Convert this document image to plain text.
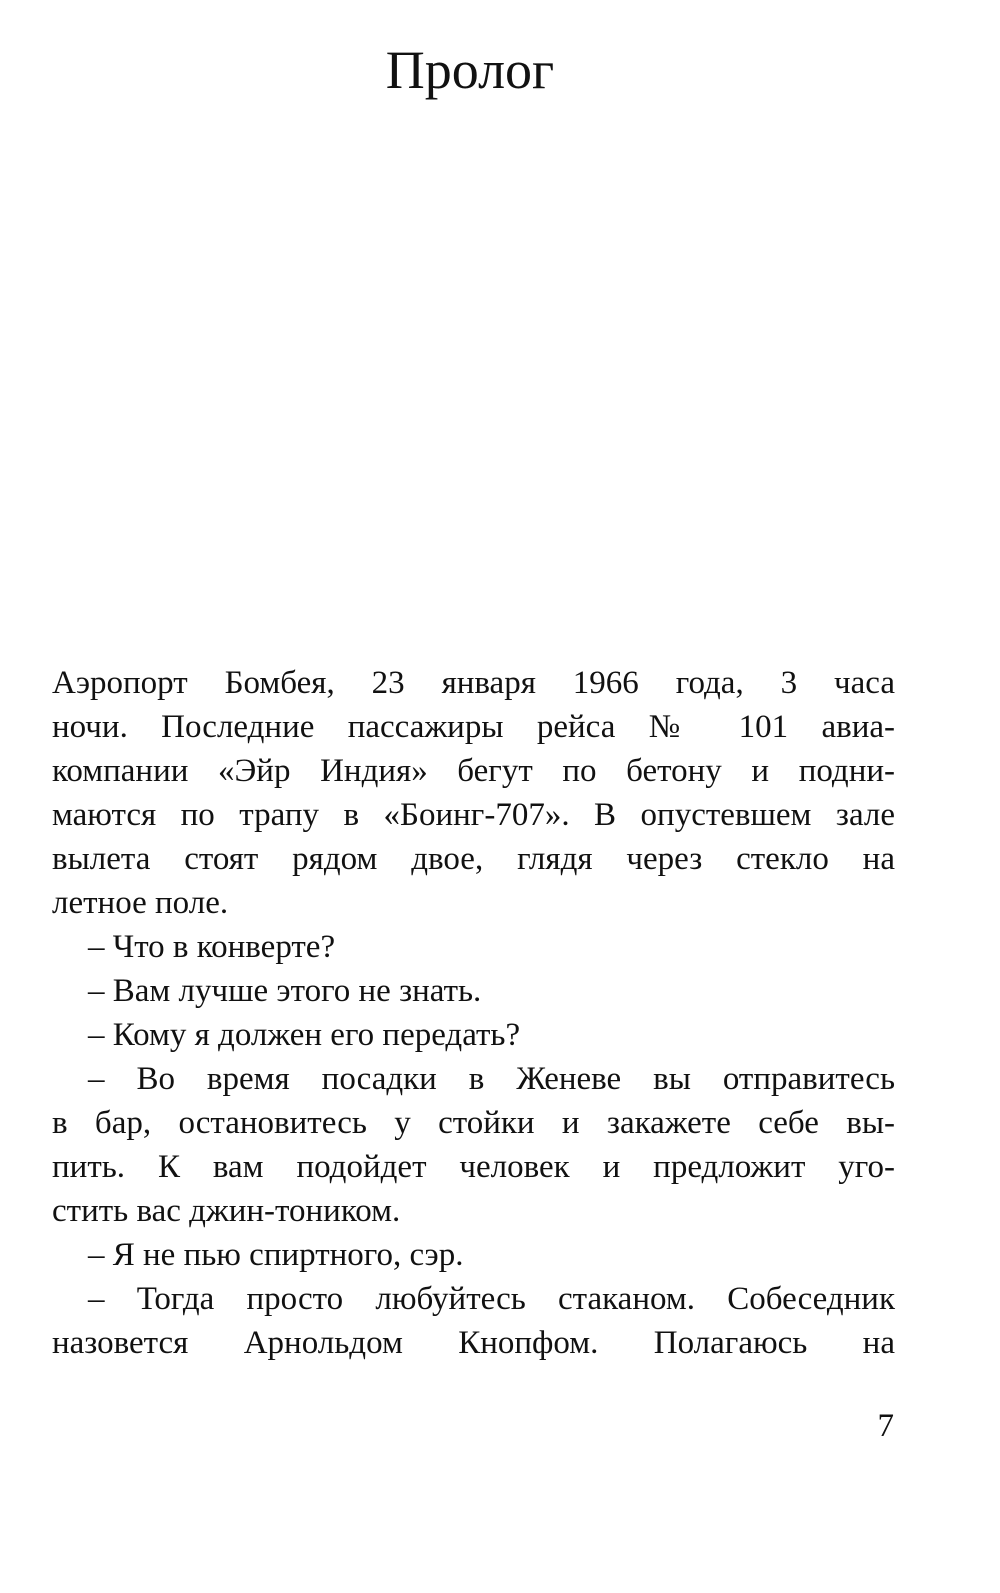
Пролог
Аэропорт Бомбея, 23 января 1966 года, 3 часа
ночи. Последние пассажиры рейса № 101 авиа-
компании «Эйр Индия» бегут по бетону и подни-
маются по трапу в «Боинг-707». В опустевшем зале
вылета стоят рядом двое, глядя через стекло на
летное поле.
– Что в конверте?
– Вам лучше этого не знать.
– Кому я должен его передать?
– Во время посадки в Женеве вы отправитесь
в бар, остановитесь у стойки и закажете себе вы-
пить. К вам подойдет человек и предложит уго-
стить вас джин-тоником.
– Я не пью спиртного, сэр.
– Тогда просто любуйтесь стаканом. Собеседник
назовется Арнольдом Кнопфом. Полагаюсь на
7
